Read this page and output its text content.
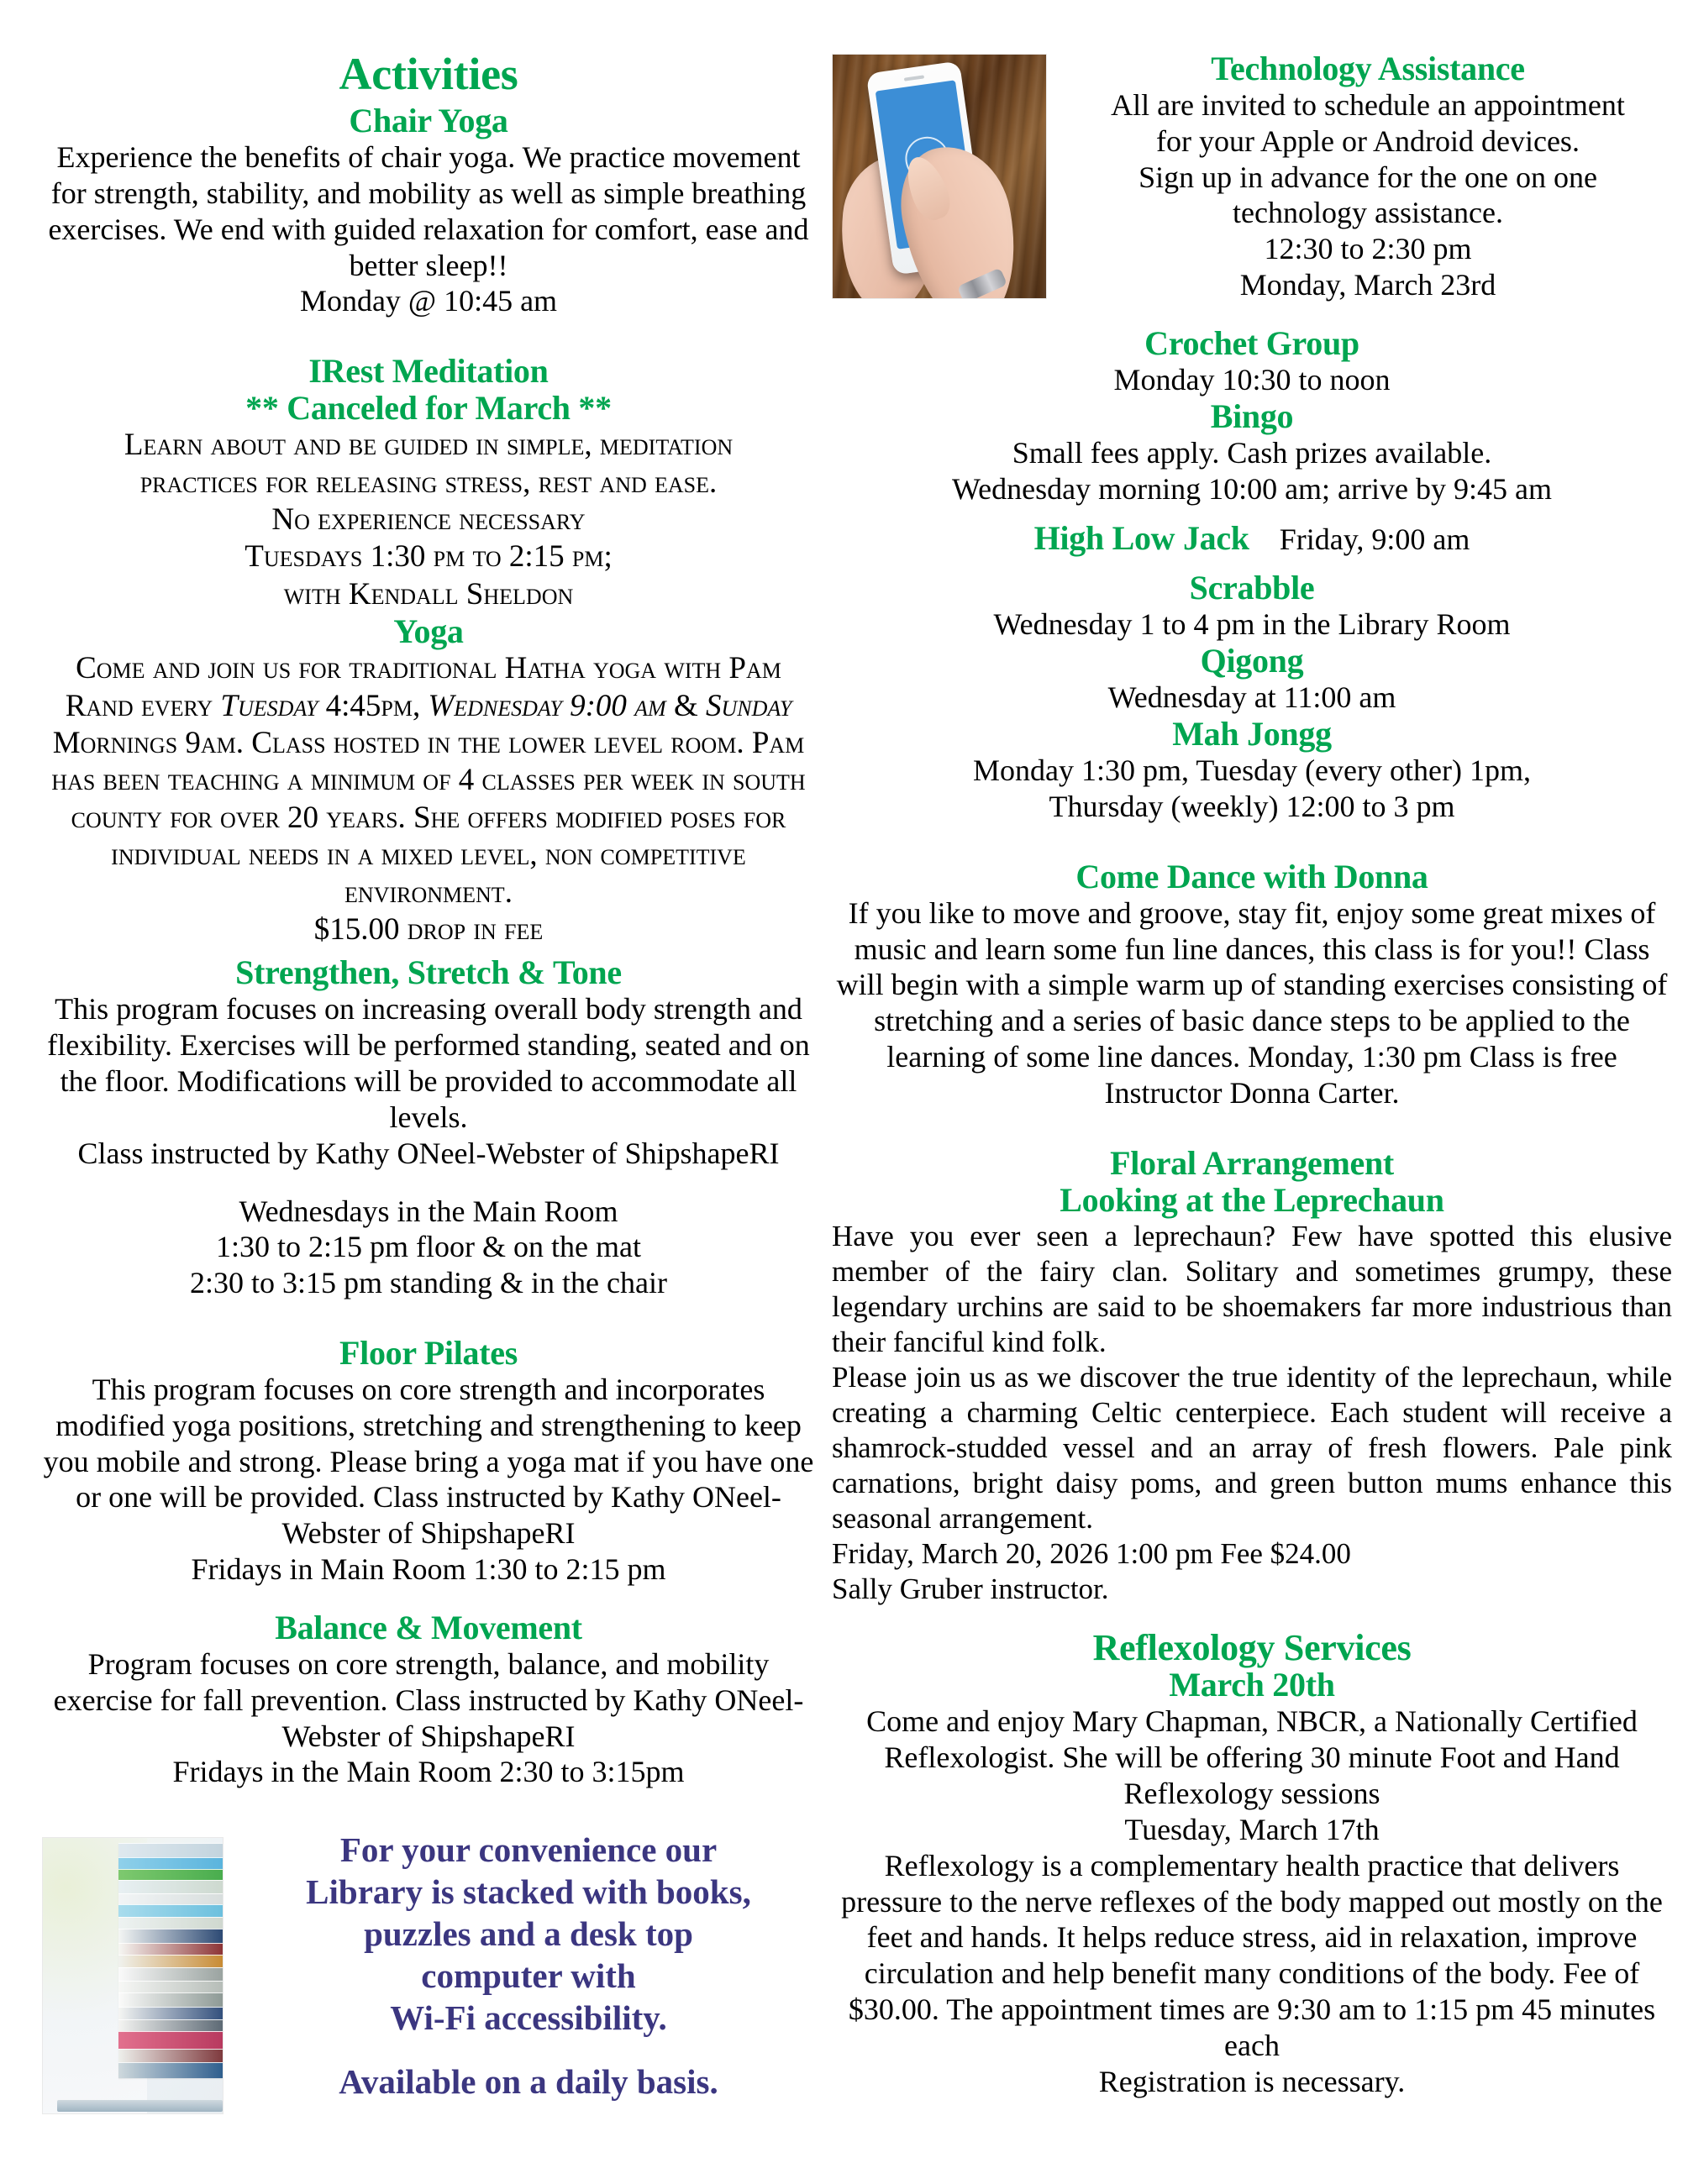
Activities
Chair Yoga

Experience the benefits of chair yoga. We practice movement for strength, stability, and mobility as well as simple breathing exercises. We end with guided relaxation for comfort, ease and better sleep!!

Monday @ 10:45 am

IRest Meditation
** Canceled for March **

Learn about and be guided in simple, meditation

practices for releasing stress, rest and ease.

No experience necessary

Tuesdays 1:30 pm to 2:15 pm;

with Kendall Sheldon

Yoga

Come and join us for traditional Hatha yoga with Pam Rand every Tuesday 4:45pm, Wednesday 9:00 am & Sunday Mornings 9am. Class hosted in the lower level room. Pam has been teaching a minimum of 4 classes per week in south county for over 20 years. She offers modified poses for individual needs in a mixed level, non competitive environment.

$15.00 drop in fee

Strengthen, Stretch & Tone

This program focuses on increasing overall body strength and flexibility. Exercises will be performed standing, seated and on the floor. Modifications will be provided to accommodate all levels.

Class instructed by Kathy ONeel-Webster of ShipshapeRI

Wednesdays in the Main Room

1:30 to 2:15 pm floor & on the mat

2:30 to 3:15 pm standing & in the chair

Floor Pilates

This program focuses on core strength and incorporates modified yoga positions, stretching and strengthening to keep you mobile and strong. Please bring a yoga mat if you have one or one will be provided. Class instructed by Kathy ONeel-Webster of ShipshapeRI

Fridays in Main Room 1:30 to 2:15 pm

Balance & Movement

Program focuses on core strength, balance, and mobility exercise for fall prevention. Class instructed by Kathy ONeel-Webster of ShipshapeRI

Fridays in the Main Room 2:30 to 3:15pm

For your convenience our

Library is stacked with books,

puzzles and a desk top

computer with

Wi-Fi accessibility.

Available on a daily basis.

Technology Assistance

All are invited to schedule an appointment

for your Apple or Android devices.

Sign up in advance for the one on one

technology assistance.

12:30 to 2:30 pm

Monday, March 23rd

Crochet Group

Monday 10:30 to noon

Bingo

Small fees apply. Cash prizes available.

Wednesday morning 10:00 am; arrive by 9:45 am

High Low Jack Friday, 9:00 am
Scrabble

Wednesday 1 to 4 pm in the Library Room

Qigong

Wednesday at 11:00 am

Mah Jongg

Monday 1:30 pm, Tuesday (every other) 1pm,

Thursday (weekly) 12:00 to 3 pm

Come Dance with Donna

If you like to move and groove, stay fit, enjoy some great mixes of music and learn some fun line dances, this class is for you!! Class will begin with a simple warm up of standing exercises consisting of stretching and a series of basic dance steps to be applied to the learning of some line dances. Monday, 1:30 pm Class is free

Instructor Donna Carter.

Floral Arrangement
Looking at the Leprechaun

Have you ever seen a leprechaun? Few have spotted this elusive member of the fairy clan. Solitary and sometimes grumpy, these legendary urchins are said to be shoemakers far more industrious than their fanciful kind folk.

Please join us as we discover the true identity of the leprechaun, while creating a charming Celtic centerpiece. Each student will receive a shamrock-studded vessel and an array of fresh flowers. Pale pink carnations, bright daisy poms, and green button mums enhance this seasonal arrangement.

Friday, March 20, 2026 1:00 pm Fee $24.00

Sally Gruber instructor.

Reflexology Services
March 20th

Come and enjoy Mary Chapman, NBCR, a Nationally Certified Reflexologist. She will be offering 30 minute Foot and Hand Reflexology sessions

Tuesday, March 17th

Reflexology is a complementary health practice that delivers pressure to the nerve reflexes of the body mapped out mostly on the feet and hands. It helps reduce stress, aid in relaxation, improve circulation and help benefit many conditions of the body. Fee of $30.00. The appointment times are 9:30 am to 1:15 pm 45 minutes each

Registration is necessary.
